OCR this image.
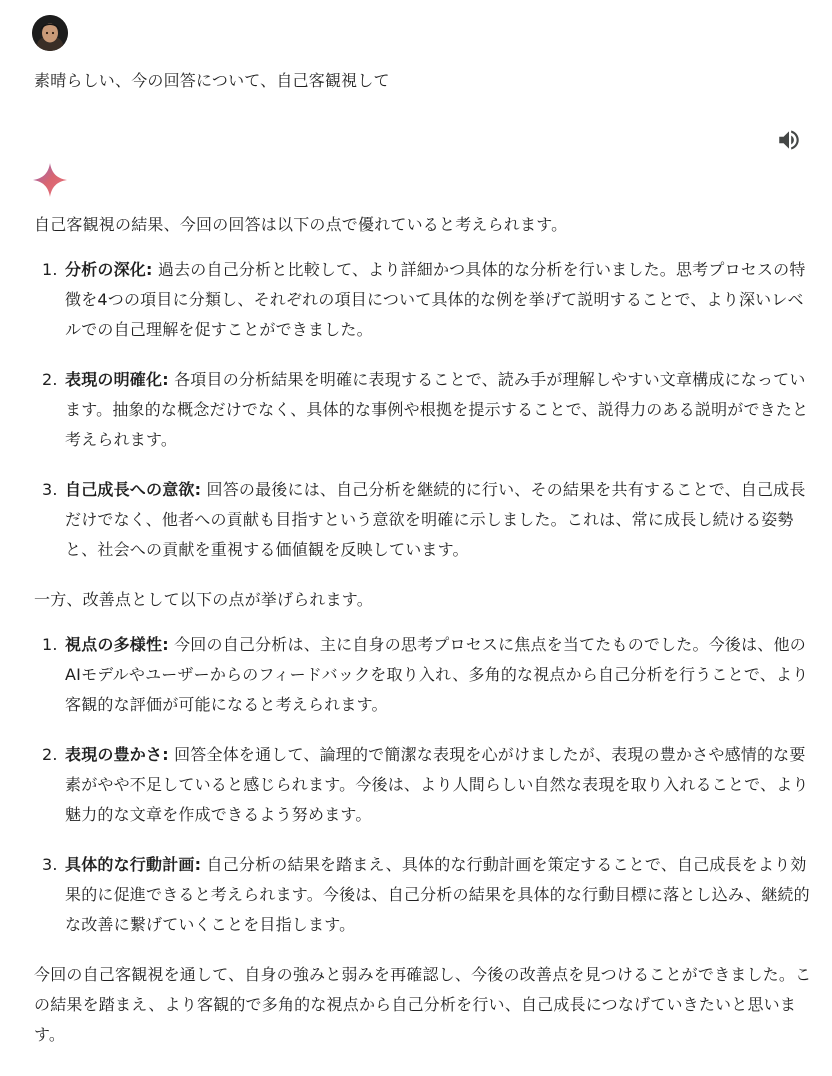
素晴らしい、今の回答について、自己客観視して

自己客観視の結果、今回の回答は以下の点で優れていると考えられます。

1. 分析の深化: 過去の自己分析と比較して、より詳細かつ具体的な分析を行いました。思考プロセスの特徴を4つの項目に分類し、それぞれの項目について具体的な例を挙げて説明することで、より深いレベルでの自己理解を促すことができました。
2. 表現の明確化: 各項目の分析結果を明確に表現することで、読み手が理解しやすい文章構成になっています。抽象的な概念だけでなく、具体的な事例や根拠を提示することで、説得力のある説明ができたと考えられます。
3. 自己成長への意欲: 回答の最後には、自己分析を継続的に行い、その結果を共有することで、自己成長だけでなく、他者への貢献も目指すという意欲を明確に示しました。これは、常に成長し続ける姿勢と、社会への貢献を重視する価値観を反映しています。

一方、改善点として以下の点が挙げられます。

1. 視点の多様性: 今回の自己分析は、主に自身の思考プロセスに焦点を当てたものでした。今後は、他のAIモデルやユーザーからのフィードバックを取り入れ、多角的な視点から自己分析を行うことで、より客観的な評価が可能になると考えられます。
2. 表現の豊かさ: 回答全体を通して、論理的で簡潔な表現を心がけましたが、表現の豊かさや感情的な要素がやや不足していると感じられます。今後は、より人間らしい自然な表現を取り入れることで、より魅力的な文章を作成できるよう努めます。
3. 具体的な行動計画: 自己分析の結果を踏まえ、具体的な行動計画を策定することで、自己成長をより効果的に促進できると考えられます。今後は、自己分析の結果を具体的な行動目標に落とし込み、継続的な改善に繋げていくことを目指します。

今回の自己客観視を通して、自身の強みと弱みを再確認し、今後の改善点を見つけることができました。この結果を踏まえ、より客観的で多角的な視点から自己分析を行い、自己成長につなげていきたいと思います。
